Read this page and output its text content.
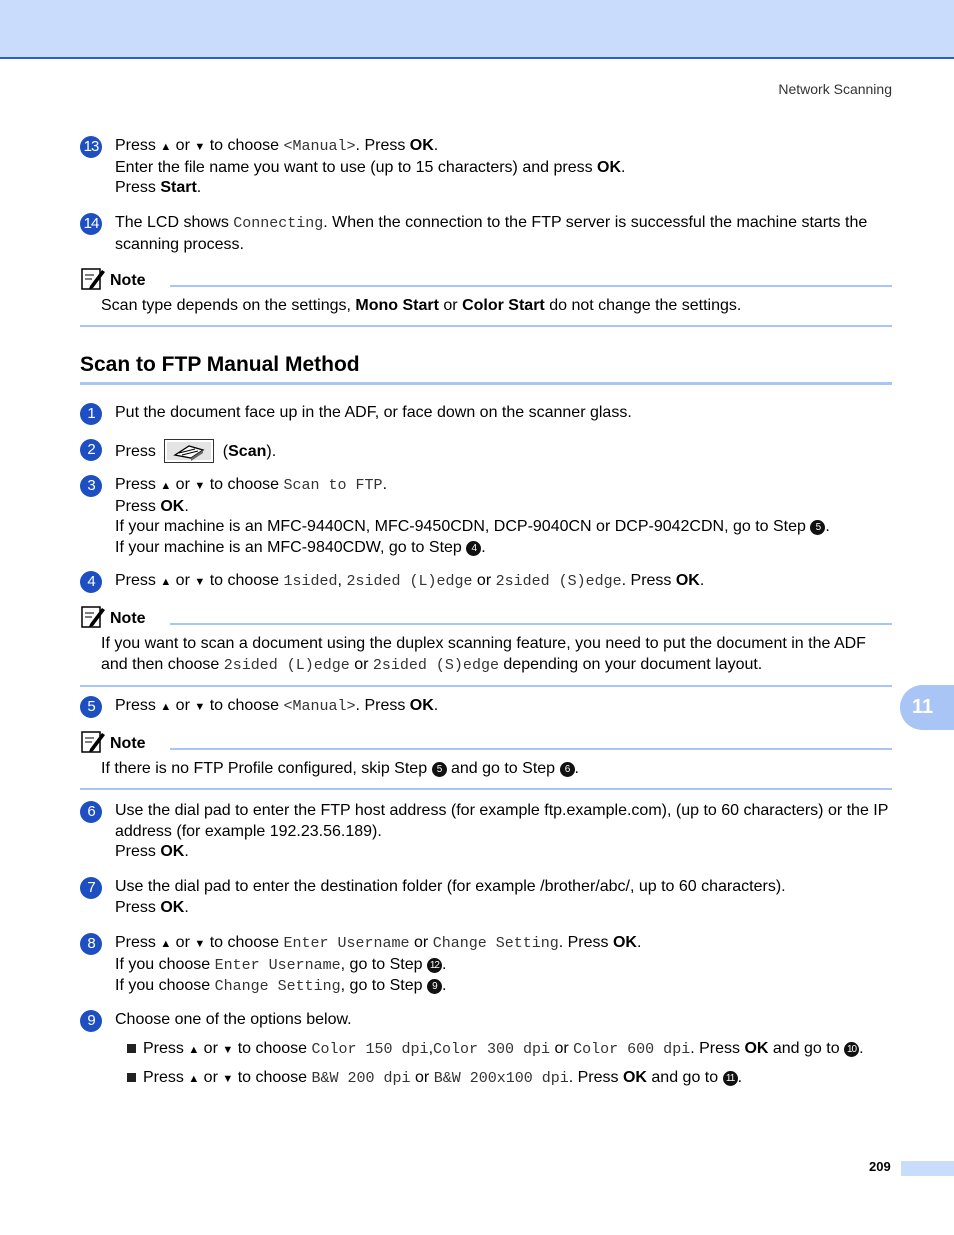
Network Scanning
13 Press ▲ or ▼ to choose <Manual>. Press OK.
Enter the file name you want to use (up to 15 characters) and press OK.
Press Start.
14 The LCD shows Connecting. When the connection to the FTP server is successful the machine starts the scanning process.
Note
Scan type depends on the settings, Mono Start or Color Start do not change the settings.
Scan to FTP Manual Method
1	Put the document face up in the ADF, or face down on the scanner glass.
2	Press	(Scan).
3	Press ▲ or ▼ to choose Scan to FTP.
Press OK.
If your machine is an MFC-9440CN, MFC-9450CDN, DCP-9040CN or DCP-9042CDN, go to Step 5 .
If your machine is an MFC-9840CDW, go to Step 4 .
4	Press ▲ or ▼ to choose 1sided, 2sided (L)edge or 2sided (S)edge. Press OK.
Note
If you want to scan a document using the duplex scanning feature, you need to put the document in the ADF and then choose 2sided (L)edge or 2sided (S)edge depending on your document layout.
5	Press ▲ or ▼ to choose <Manual>. Press OK.
Note
If there is no FTP Profile configured, skip Step 5 and go to Step 6 .
6	Use the dial pad to enter the FTP host address (for example ftp.example.com), (up to 60 characters) or the IP address (for example 192.23.56.189).
Press OK.
7	Use the dial pad to enter the destination folder (for example /brother/abc/, up to 60 characters).
Press OK.
8	Press ▲ or ▼ to choose Enter Username or Change Setting. Press OK.
If you choose Enter Username, go to Step 12 .
If you choose Change Setting, go to Step 9 .
9	Choose one of the options below.
Press ▲ or ▼ to choose Color 150 dpi,Color 300 dpi or Color 600 dpi. Press OK and go to 10 .
Press ▲ or ▼ to choose B&W 200 dpi or B&W 200x100 dpi. Press OK and go to 11 .
11
209
